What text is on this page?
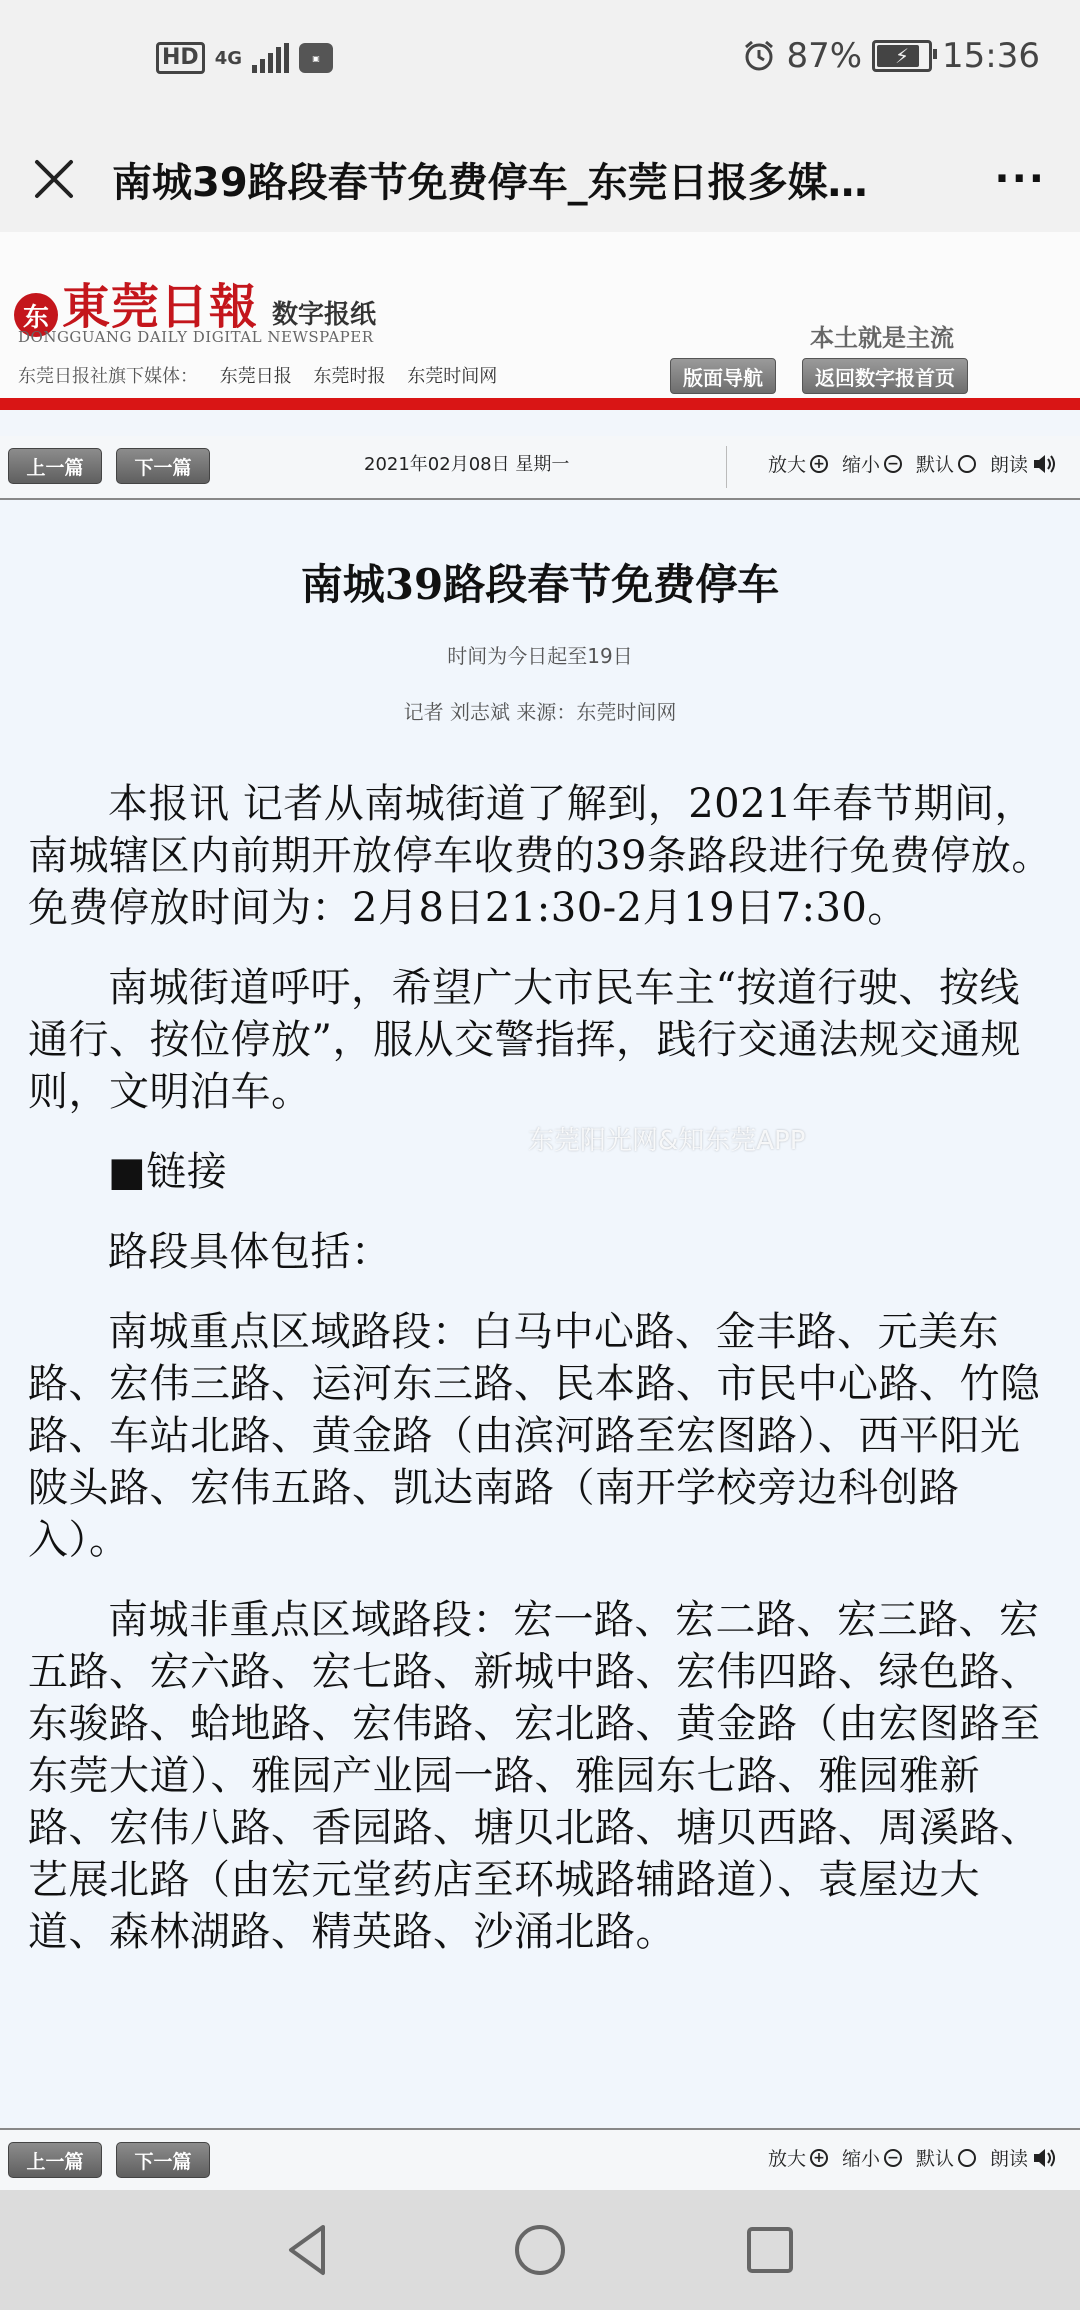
HD 4G	▣	87% ⚡ 15:36
南城39路段春节免费停车_东莞日报多媒…	···
东 東莞日報 数字报纸
DONGGUANG DAILY DIGITAL NEWSPAPER	本土就是主流
东莞日报社旗下媒体： 东莞日报 东莞时报 东莞时间网	版面导航	返回数字报首页
上一篇	下一篇	2021年02月08日 星期一	放大 + 缩小 − 默认 朗读
南城39路段春节免费停车
时间为今日起至19日
记者 刘志斌 来源：东莞时间网

本报讯 记者从南城街道了解到，2021年春节期间，南城辖区内前期开放停车收费的39条路段进行免费停放。免费停放时间为：2月8日21:30-2月19日7:30。

南城街道呼吁，希望广大市民车主“按道行驶、按线通行、按位停放”，服从交警指挥，践行交通法规交通规则，文明泊车。

■链接

路段具体包括：

南城重点区域路段：白马中心路、金丰路、元美东路、宏伟三路、运河东三路、民本路、市民中心路、竹隐路、车站北路、黄金路（由滨河路至宏图路）、西平阳光陂头路、宏伟五路、凯达南路（南开学校旁边科创路入）。

南城非重点区域路段：宏一路、宏二路、宏三路、宏五路、宏六路、宏七路、新城中路、宏伟四路、绿色路、东骏路、蛤地路、宏伟路、宏北路、黄金路（由宏图路至东莞大道）、雅园产业园一路、雅园东七路、雅园雅新路、宏伟八路、香园路、塘贝北路、塘贝西路、周溪路、艺展北路（由宏元堂药店至环城路辅路道）、袁屋边大道、森林湖路、精英路、沙涌北路。

东莞阳光网&知东莞APP
上一篇	下一篇	放大 + 缩小 − 默认 朗读
